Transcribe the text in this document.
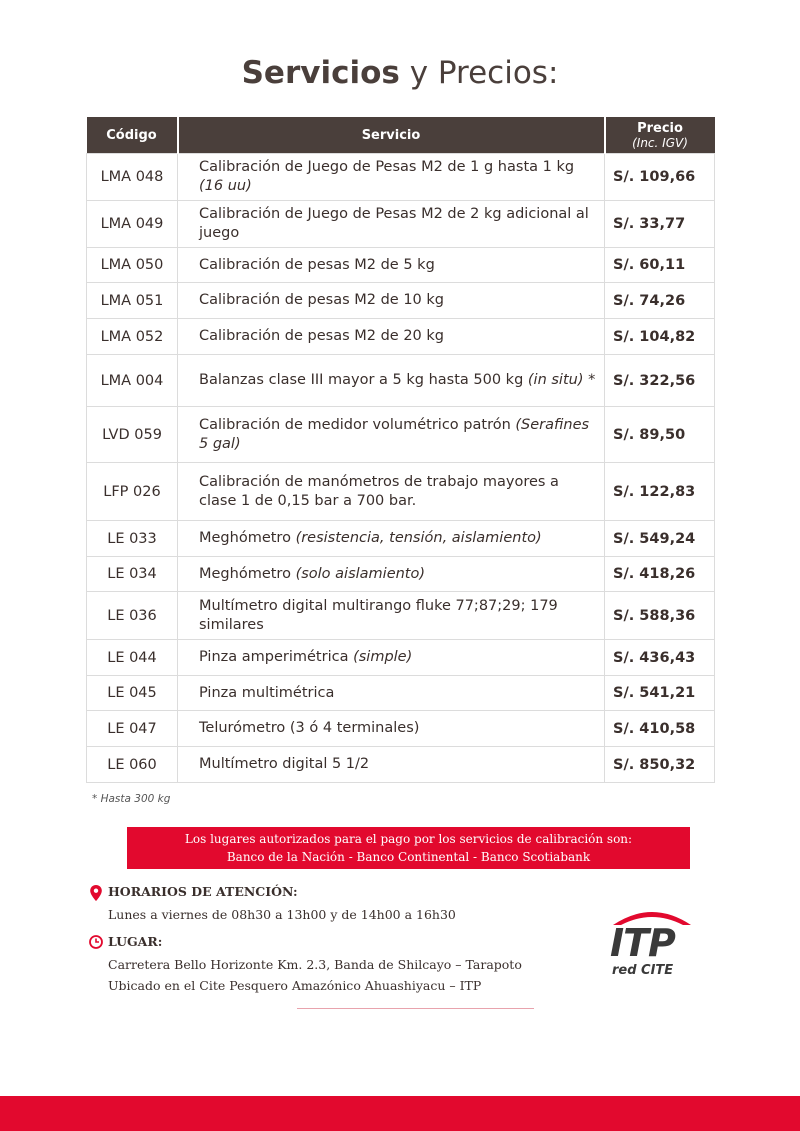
Servicios y Precios:
Código	Servicio	Precio
(Inc. IGV)

LMA 048	Calibración de Juego de Pesas M2 de 1 g hasta 1 kg (16 uu)	S/. 109,66
LMA 049	Calibración de Juego de Pesas M2 de 2 kg adicional al juego	S/. 33,77
LMA 050	Calibración de pesas M2 de 5 kg	S/. 60,11
LMA 051	Calibración de pesas M2 de 10 kg	S/. 74,26
LMA 052	Calibración de pesas M2 de 20 kg	S/. 104,82
LMA 004	Balanzas clase III mayor a 5 kg hasta 500 kg (in situ) *	S/. 322,56
LVD 059	Calibración de medidor volumétrico patrón (Serafines 5 gal)	S/. 89,50
LFP 026	Calibración de manómetros de trabajo mayores a clase 1 de 0,15 bar a 700 bar.	S/. 122,83
LE 033	Meghómetro (resistencia, tensión, aislamiento)	S/. 549,24
LE 034	Meghómetro (solo aislamiento)	S/. 418,26
LE 036	Multímetro digital multirango fluke 77;87;29; 179 similares	S/. 588,36
LE 044	Pinza amperimétrica (simple)	S/. 436,43
LE 045	Pinza multimétrica	S/. 541,21
LE 047	Telurómetro (3 ó 4 terminales)	S/. 410,58
LE 060	Multímetro digital 5 1/2	S/. 850,32
* Hasta 300 kg
Los lugares autorizados para el pago por los servicios de calibración son:
Banco de la Nación - Banco Continental - Banco Scotiabank
HORARIOS DE ATENCIÓN:
Lunes a viernes de 08h30 a 13h00 y de 14h00 a 16h30
LUGAR:
Carretera Bello Horizonte Km. 2.3, Banda de Shilcayo – Tarapoto
Ubicado en el Cite Pesquero Amazónico Ahuashiyacu – ITP
ITP
red CITE
